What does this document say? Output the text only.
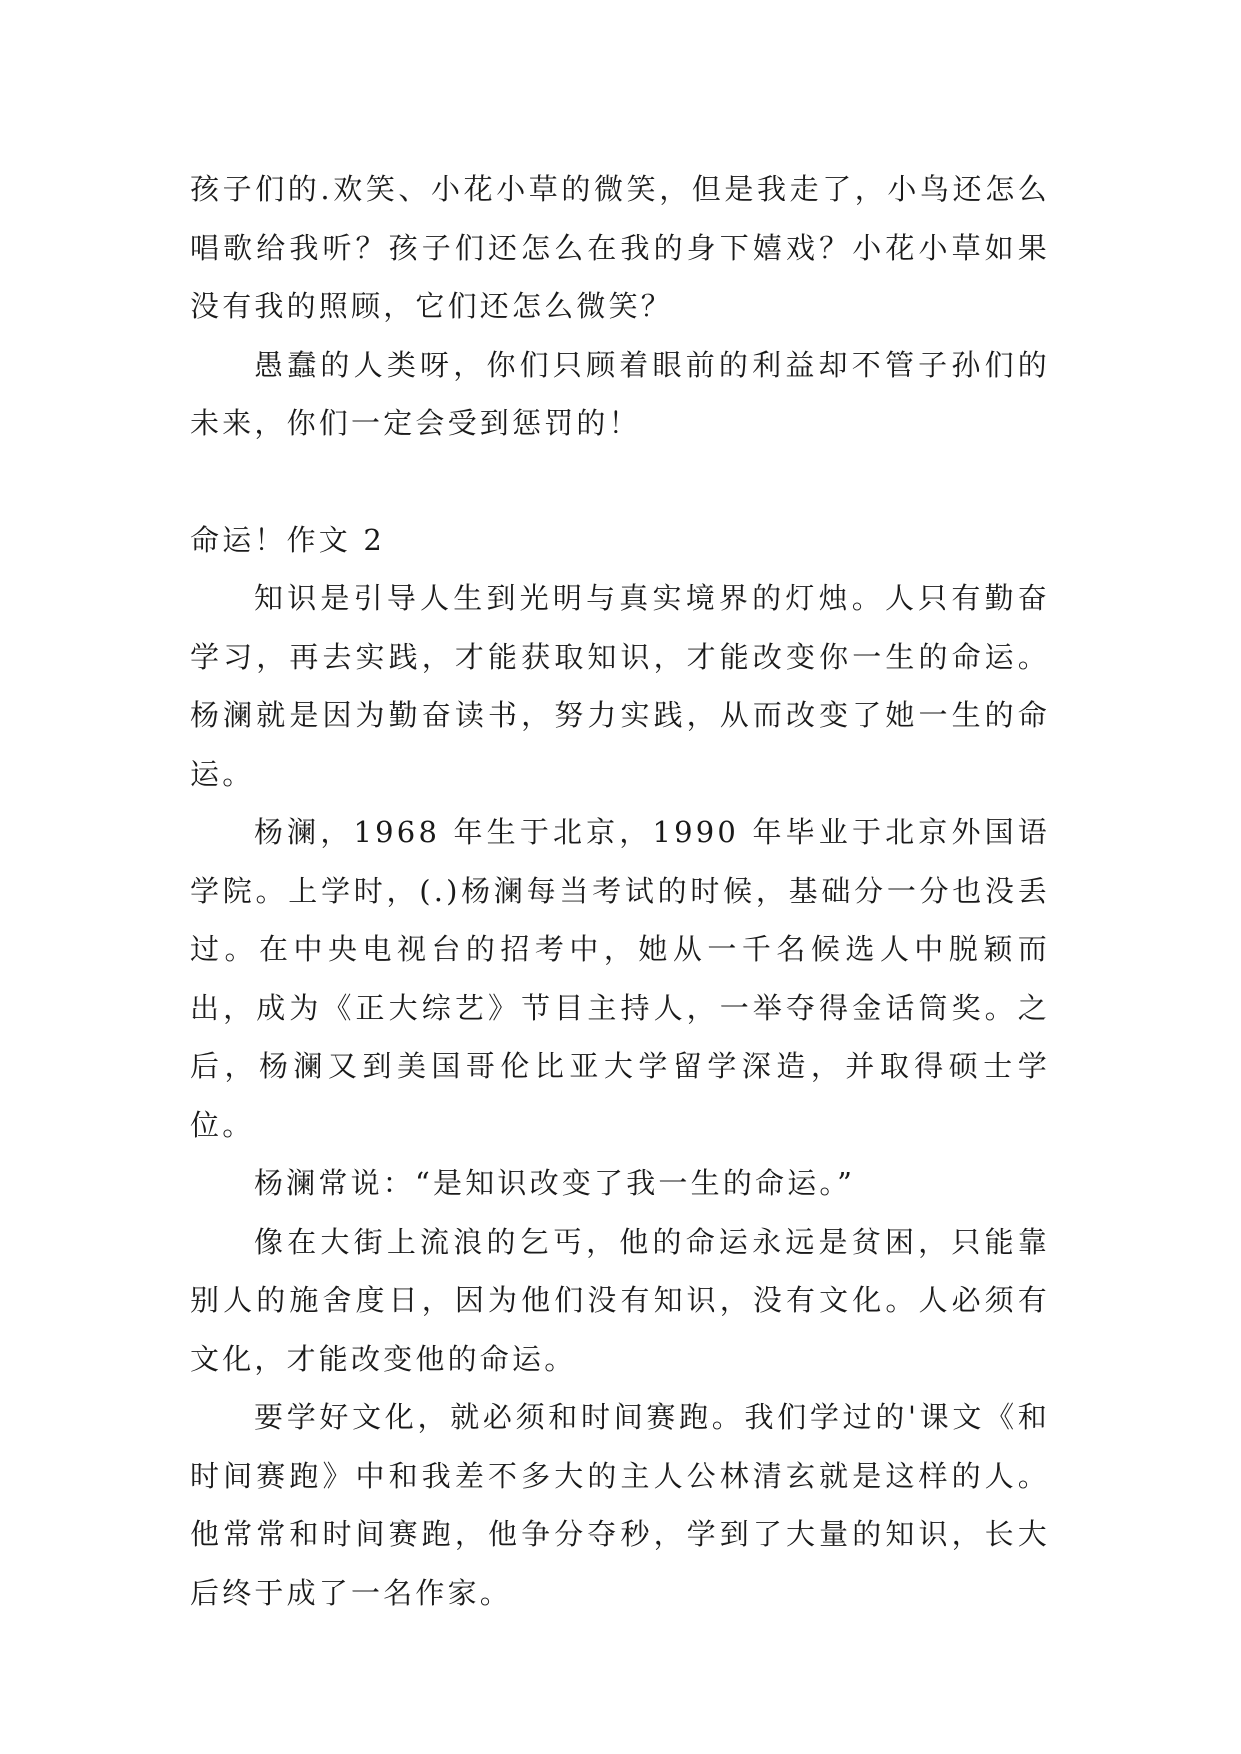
孩子们的.欢笑、小花小草的微笑，但是我走了，小鸟还怎么唱歌给我听？孩子们还怎么在我的身下嬉戏？小花小草如果没有我的照顾，它们还怎么微笑？

愚蠢的人类呀，你们只顾着眼前的利益却不管子孙们的未来，你们一定会受到惩罚的！

命运！作文 2

知识是引导人生到光明与真实境界的灯烛。人只有勤奋学习，再去实践，才能获取知识，才能改变你一生的命运。杨澜就是因为勤奋读书，努力实践，从而改变了她一生的命运。

杨澜，1968 年生于北京，1990 年毕业于北京外国语学院。上学时，(.)杨澜每当考试的时候，基础分一分也没丢过。在中央电视台的招考中，她从一千名候选人中脱颖而出，成为《正大综艺》节目主持人，一举夺得金话筒奖。之后，杨澜又到美国哥伦比亚大学留学深造，并取得硕士学位。

杨澜常说：“是知识改变了我一生的命运。”

像在大街上流浪的乞丐，他的命运永远是贫困，只能靠别人的施舍度日，因为他们没有知识，没有文化。人必须有文化，才能改变他的命运。

要学好文化，就必须和时间赛跑。我们学过的'课文《和时间赛跑》中和我差不多大的主人公林清玄就是这样的人。他常常和时间赛跑，他争分夺秒，学到了大量的知识，长大后终于成了一名作家。
